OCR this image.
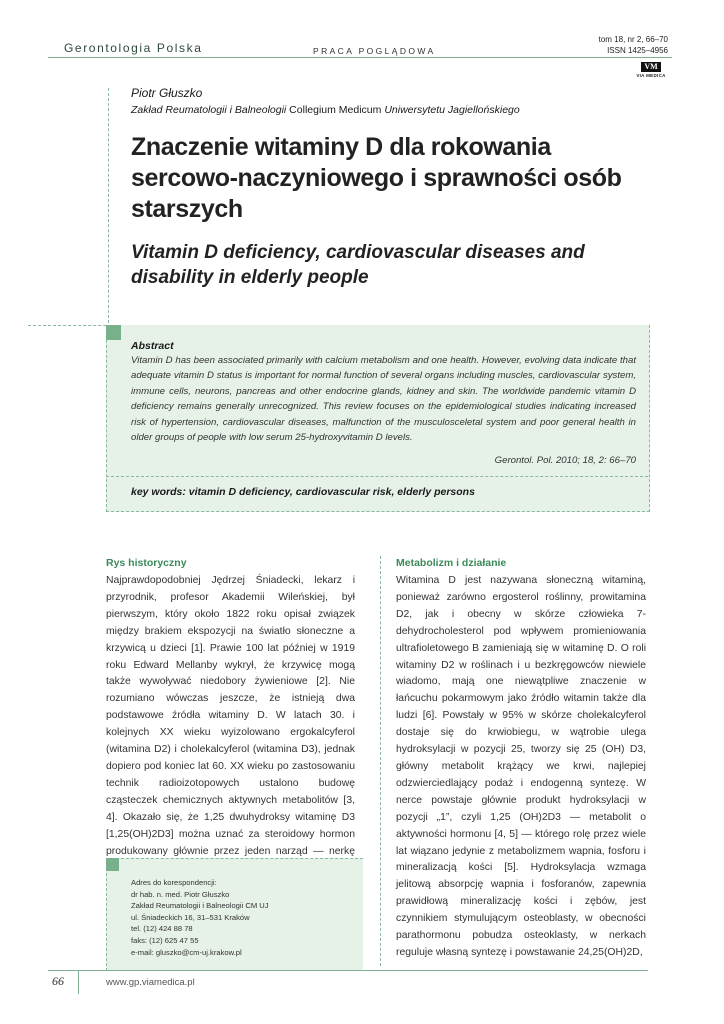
Gerontologia Polska	PRACA POGLĄDOWA
tom 18, nr 2, 66–70
ISSN 1425–4956
VM
VIA MEDICA
Piotr Głuszko
Zakład Reumatologii i Balneologii Collegium Medicum Uniwersytetu Jagiellońskiego
Znaczenie witaminy D dla rokowania sercowo-naczyniowego i sprawności osób starszych
Vitamin D deficiency, cardiovascular diseases and disability in elderly people
Abstract
Vitamin D has been associated primarily with calcium metabolism and one health. However, evolving data indicate that adequate vitamin D status is important for normal function of several organs including muscles, cardiovascular system, immune cells, neurons, pancreas and other endocrine glands, kidney and skin. The worldwide pandemic vitamin D deficiency remains generally unrecognized. This review focuses on the epidemiological studies indicating increased risk of hypertension, cardiovascular diseases, malfunction of the musculosceletal system and poor general health in older groups of people with low serum 25-hydroxyvitamin D levels.
Gerontol. Pol. 2010; 18, 2: 66–70
key words: vitamin D deficiency, cardiovascular risk, elderly persons
Rys historyczny
Najprawdopodobniej Jędrzej Śniadecki, lekarz i przyrodnik, profesor Akademii Wileńskiej, był pierwszym, który około 1822 roku opisał związek między brakiem ekspozycji na światło słoneczne a krzywicą u dzieci [1]. Prawie 100 lat później w 1919 roku Edward Mellanby wykrył, że krzywicę mogą także wywoływać niedobory żywieniowe [2]. Nie rozumiano wówczas jeszcze, że istnieją dwa podstawowe źródła witaminy D. W latach 30. i kolejnych XX wieku wyizolowano ergokalcyferol (witamina D2) i cholekalcyferol (witamina D3), jednak dopiero pod koniec lat 60. XX wieku po zastosowaniu technik radioizotopowych ustalono budowę cząsteczek chemicznych aktywnych metabolitów [3, 4]. Okazało się, że 1,25 dwuhydroksy witaminę D3 [1,25(OH)2D3] można uznać za steroidowy hormon produkowany głównie przez jeden narząd — nerkę
Metabolizm i działanie
Witamina D jest nazywana słoneczną witaminą, ponieważ zarówno ergosterol roślinny, prowitamina D2, jak i obecny w skórze człowieka 7-dehydrocholesterol pod wpływem promieniowania ultrafioletowego B zamieniają się w witaminę D. O roli witaminy D2 w roślinach i u bezkręgowców niewiele wiadomo, mają one niewątpliwe znaczenie w łańcuchu pokarmowym jako źródło witamin także dla ludzi [6]. Powstały w 95% w skórze cholekalcyferol dostaje się do krwiobiegu, w wątrobie ulega hydroksylacji w pozycji 25, tworzy się 25 (OH) D3, główny metabolit krążący we krwi, najlepiej odzwierciedlający podaż i endogenną syntezę. W nerce powstaje głównie produkt hydroksylacji w pozycji „1”, czyli 1,25 (OH)2D3 — metabolit o aktywności hormonu [4, 5] — którego rolę przez wiele lat wiązano jedynie z metabolizmem wapnia, fosforu i mineralizacją kości [5]. Hydroksylacja wzmaga jelitową absorpcję wapnia i fosforanów, zapewnia prawidłową mineralizację kości i zębów, jest czynnikiem stymulującym osteoblasty, w obecności parathormonu pobudza osteoklasty, w nerkach reguluje własną syntezę i powstawanie 24,25(OH)2D,
Adres do korespondencji:
dr hab. n. med. Piotr Głuszko
Zakład Reumatologii i Balneologii CM UJ
ul. Śniadeckich 16, 31–531 Kraków
tel. (12) 424 88 78
faks: (12) 625 47 55
e-mail: gluszko@cm-uj.krakow.pl
66	www.gp.viamedica.pl
